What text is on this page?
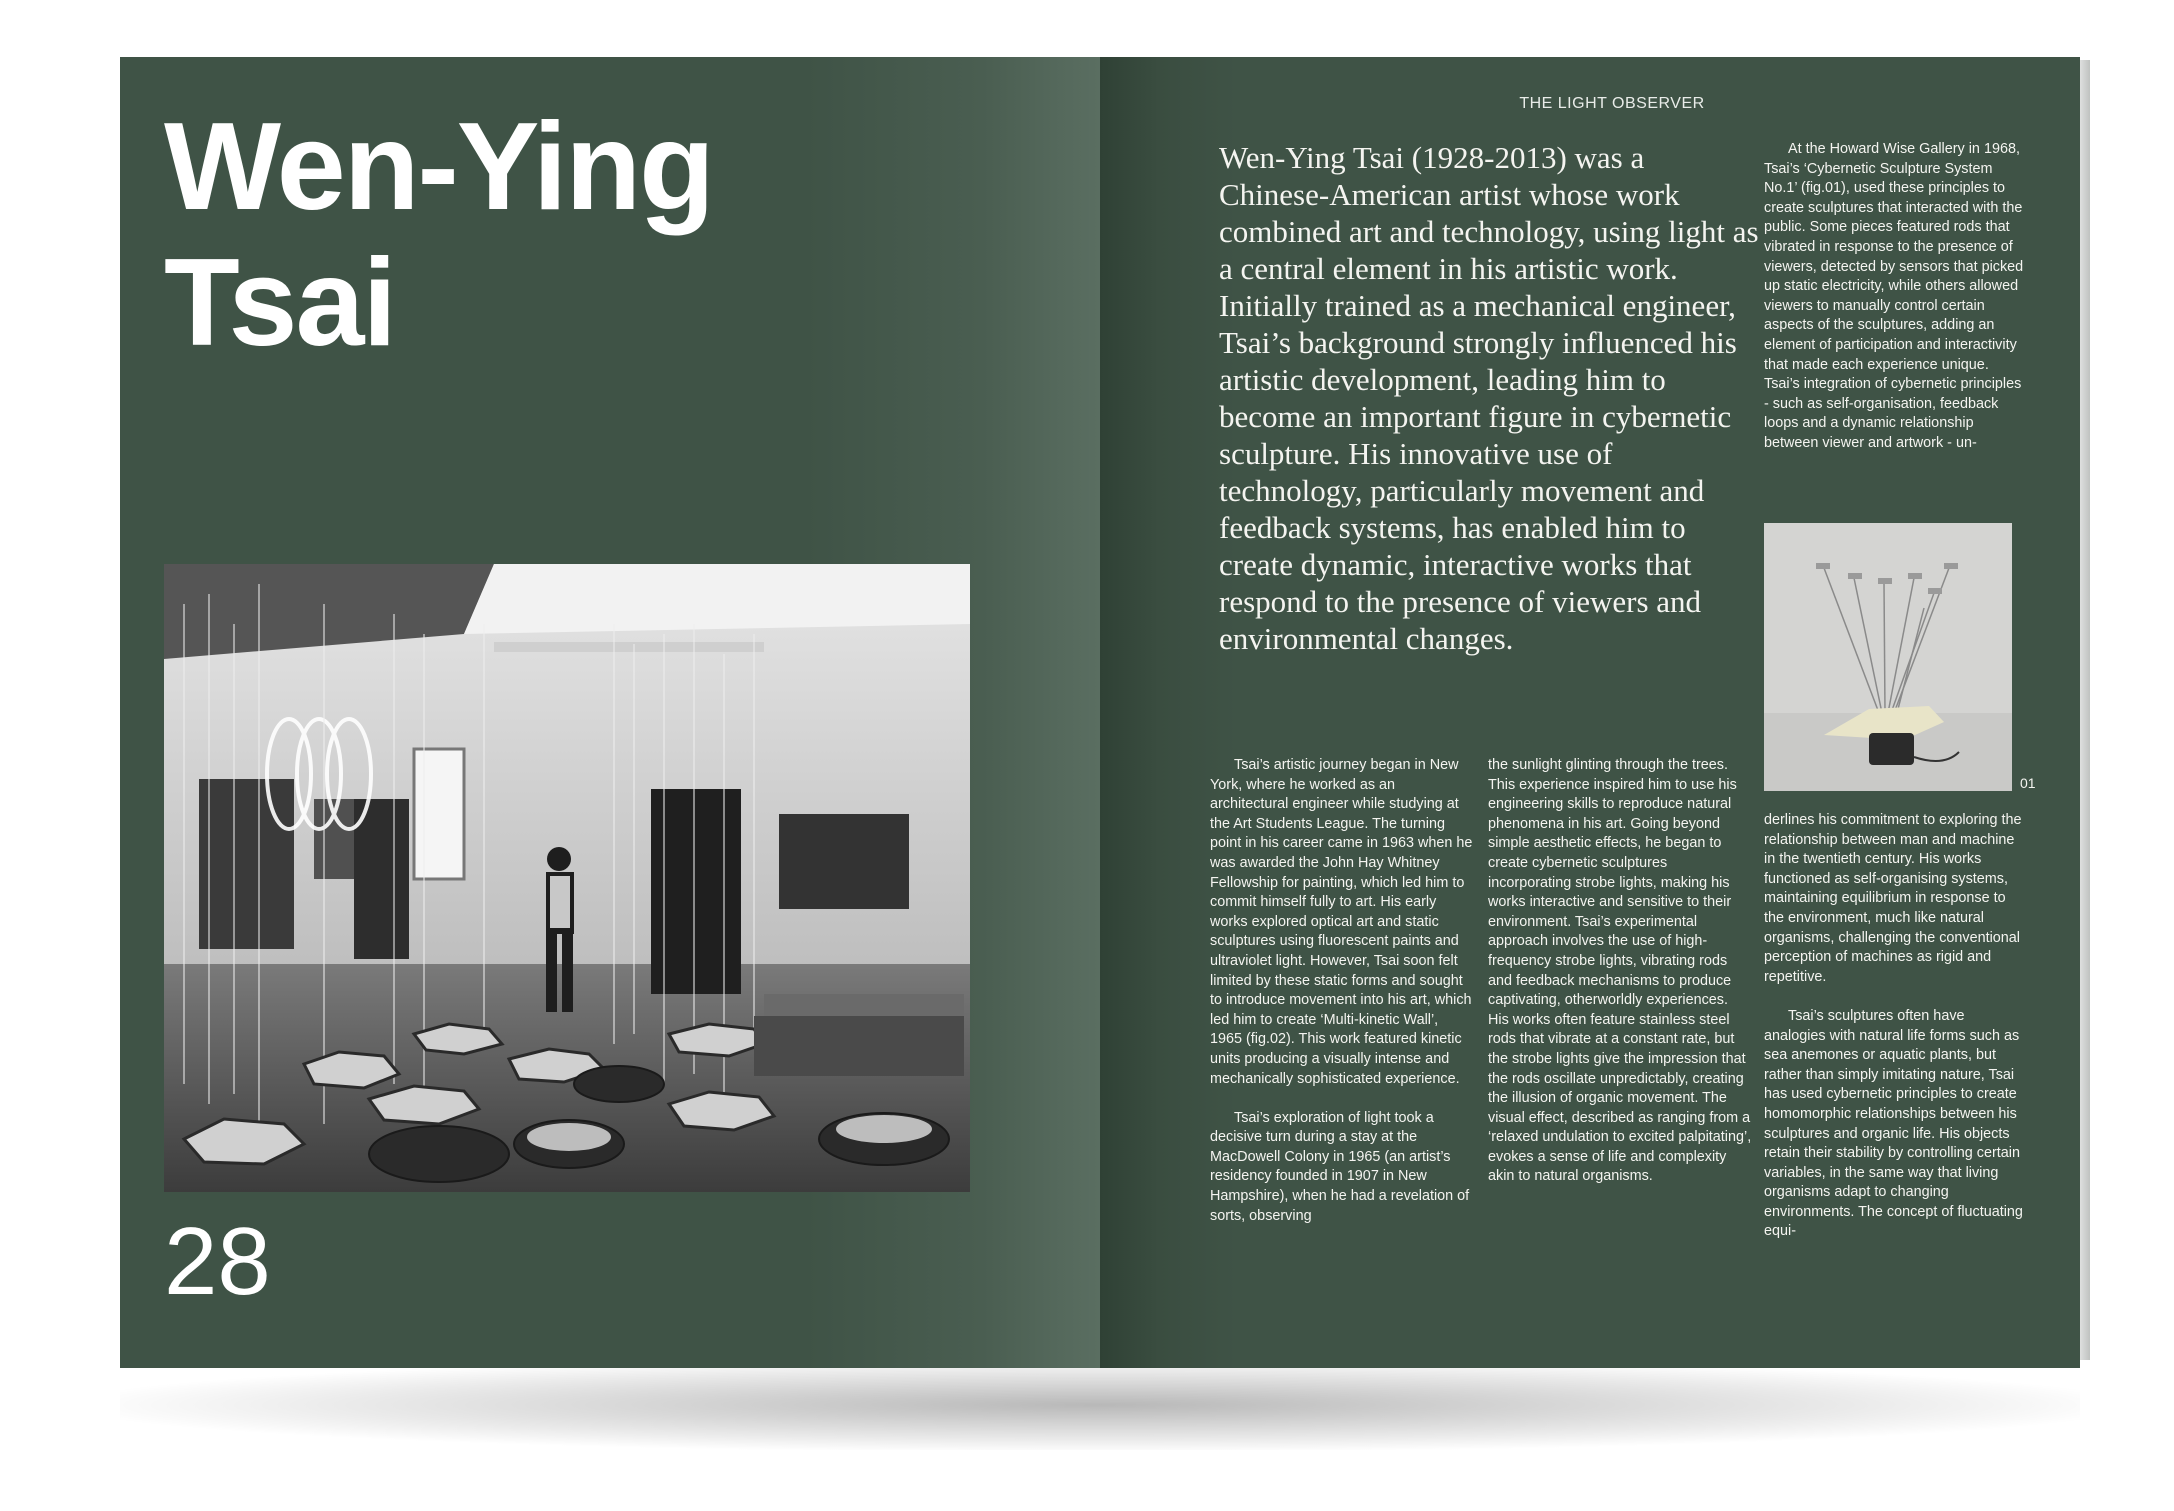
Wen-Ying
Tsai
28
THE LIGHT OBSERVER

Wen-Ying Tsai (1928-2013) was a Chinese-American artist whose work combined art and technology, using light as a central element in his artistic work. Initially trained as a mechanical engineer, Tsai’s background strongly influenced his artistic development, leading him to become an important figure in cybernetic sculpture. His innovative use of technology, particularly movement and feedback systems, has enabled him to create dynamic, interactive works that respond to the presence of viewers and environmental changes.

Tsai’s artistic journey began in New York, where he worked as an architectural engineer while studying at the Art Students League. The turning point in his career came in 1963 when he was awarded the John Hay Whitney Fellowship for painting, which led him to commit himself fully to art. His early works explored optical art and static sculptures using fluorescent paints and ultraviolet light. However, Tsai soon felt limited by these static forms and sought to introduce movement into his art, which led him to create ‘Multi-kinetic Wall’, 1965 (fig.02). This work featured kinetic units producing a visually intense and mechanically sophisticated experience.

Tsai’s exploration of light took a decisive turn during a stay at the MacDowell Colony in 1965 (an artist’s residency founded in 1907 in New Hampshire), when he had a revelation of sorts, observing

the sunlight glinting through the trees. This experience inspired him to use his engineering skills to reproduce natural phenomena in his art. Going beyond simple aesthetic effects, he began to create cybernetic sculptures incorporating strobe lights, making his works interactive and sensitive to their environment. Tsai’s experimental approach involves the use of high-frequency strobe lights, vibrating rods and feedback mechanisms to produce captivating, otherworldly experiences. His works often feature stainless steel rods that vibrate at a constant rate, but the strobe lights give the impression that the rods oscillate unpredictably, creating the illusion of organic movement. The visual effect, described as ranging from a ‘relaxed undulation to excited palpitating’, evokes a sense of life and complexity akin to natural organisms.

At the Howard Wise Gallery in 1968, Tsai’s ‘Cybernetic Sculpture System No.1’ (fig.01), used these principles to create sculptures that interacted with the public. Some pieces featured rods that vibrated in response to the presence of viewers, detected by sensors that picked up static electricity, while others allowed viewers to manually control certain aspects of the sculptures, adding an element of participation and interactivity that made each experience unique. Tsai’s integration of cybernetic principles - such as self-organisation, feedback loops and a dynamic relationship between viewer and artwork - un-

01

derlines his commitment to exploring the relationship between man and machine in the twentieth century. His works functioned as self-organising systems, maintaining equilibrium in response to the environment, much like natural organisms, challenging the conventional perception of machines as rigid and repetitive.

Tsai’s sculptures often have analogies with natural life forms such as sea anemones or aquatic plants, but rather than simply imitating nature, Tsai has used cybernetic principles to create homomorphic relationships between his sculptures and organic life. His objects retain their stability by controlling certain variables, in the same way that living organisms adapt to changing environments. The concept of fluctuating equi-
